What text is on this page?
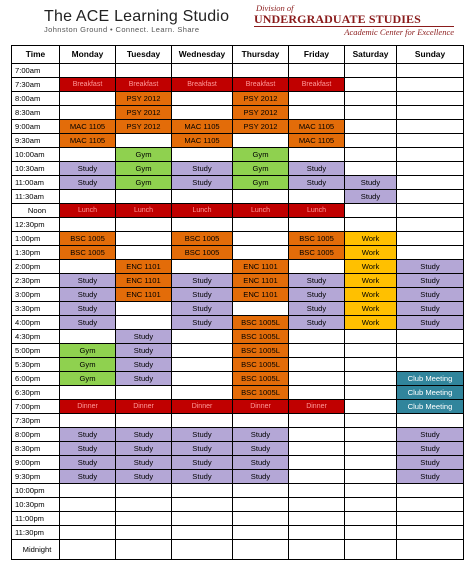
The ACE Learning Studio
Johnston Ground • Connect. Learn. Share
Division of
UNDERGRADUATE STUDIES
Academic Center for Excellence
Time	Monday	Tuesday	Wednesday	Thursday	Friday	Saturday	Sunday
7:00am							
7:30am	Breakfast	Breakfast	Breakfast	Breakfast	Breakfast		
8:00am		PSY 2012		PSY 2012			
8:30am		PSY 2012		PSY 2012			
9:00am	MAC 1105	PSY 2012	MAC 1105	PSY 2012	MAC 1105		
9:30am	MAC 1105		MAC 1105		MAC 1105		
10:00am		Gym		Gym			
10:30am	Study	Gym	Study	Gym	Study		
11:00am	Study	Gym	Study	Gym	Study	Study	
11:30am						Study	
Noon	Lunch	Lunch	Lunch	Lunch	Lunch		
12:30pm							
1:00pm	BSC 1005		BSC 1005		BSC 1005	Work	
1:30pm	BSC 1005		BSC 1005		BSC 1005	Work	
2:00pm		ENC 1101		ENC 1101		Work	Study
2:30pm	Study	ENC 1101	Study	ENC 1101	Study	Work	Study
3:00pm	Study	ENC 1101	Study	ENC 1101	Study	Work	Study
3:30pm	Study		Study		Study	Work	Study
4:00pm	Study		Study	BSC 1005L	Study	Work	Study
4:30pm		Study		BSC 1005L			
5:00pm	Gym	Study		BSC 1005L			
5:30pm	Gym	Study		BSC 1005L			
6:00pm	Gym	Study		BSC 1005L			Club Meeting
6:30pm				BSC 1005L			Club Meeting
7:00pm	Dinner	Dinner	Dinner	Dinner	Dinner		Club Meeting
7:30pm							
8:00pm	Study	Study	Study	Study			Study
8:30pm	Study	Study	Study	Study			Study
9:00pm	Study	Study	Study	Study			Study
9:30pm	Study	Study	Study	Study			Study
10:00pm							
10:30pm							
11:00pm							
11:30pm							
Midnight							
